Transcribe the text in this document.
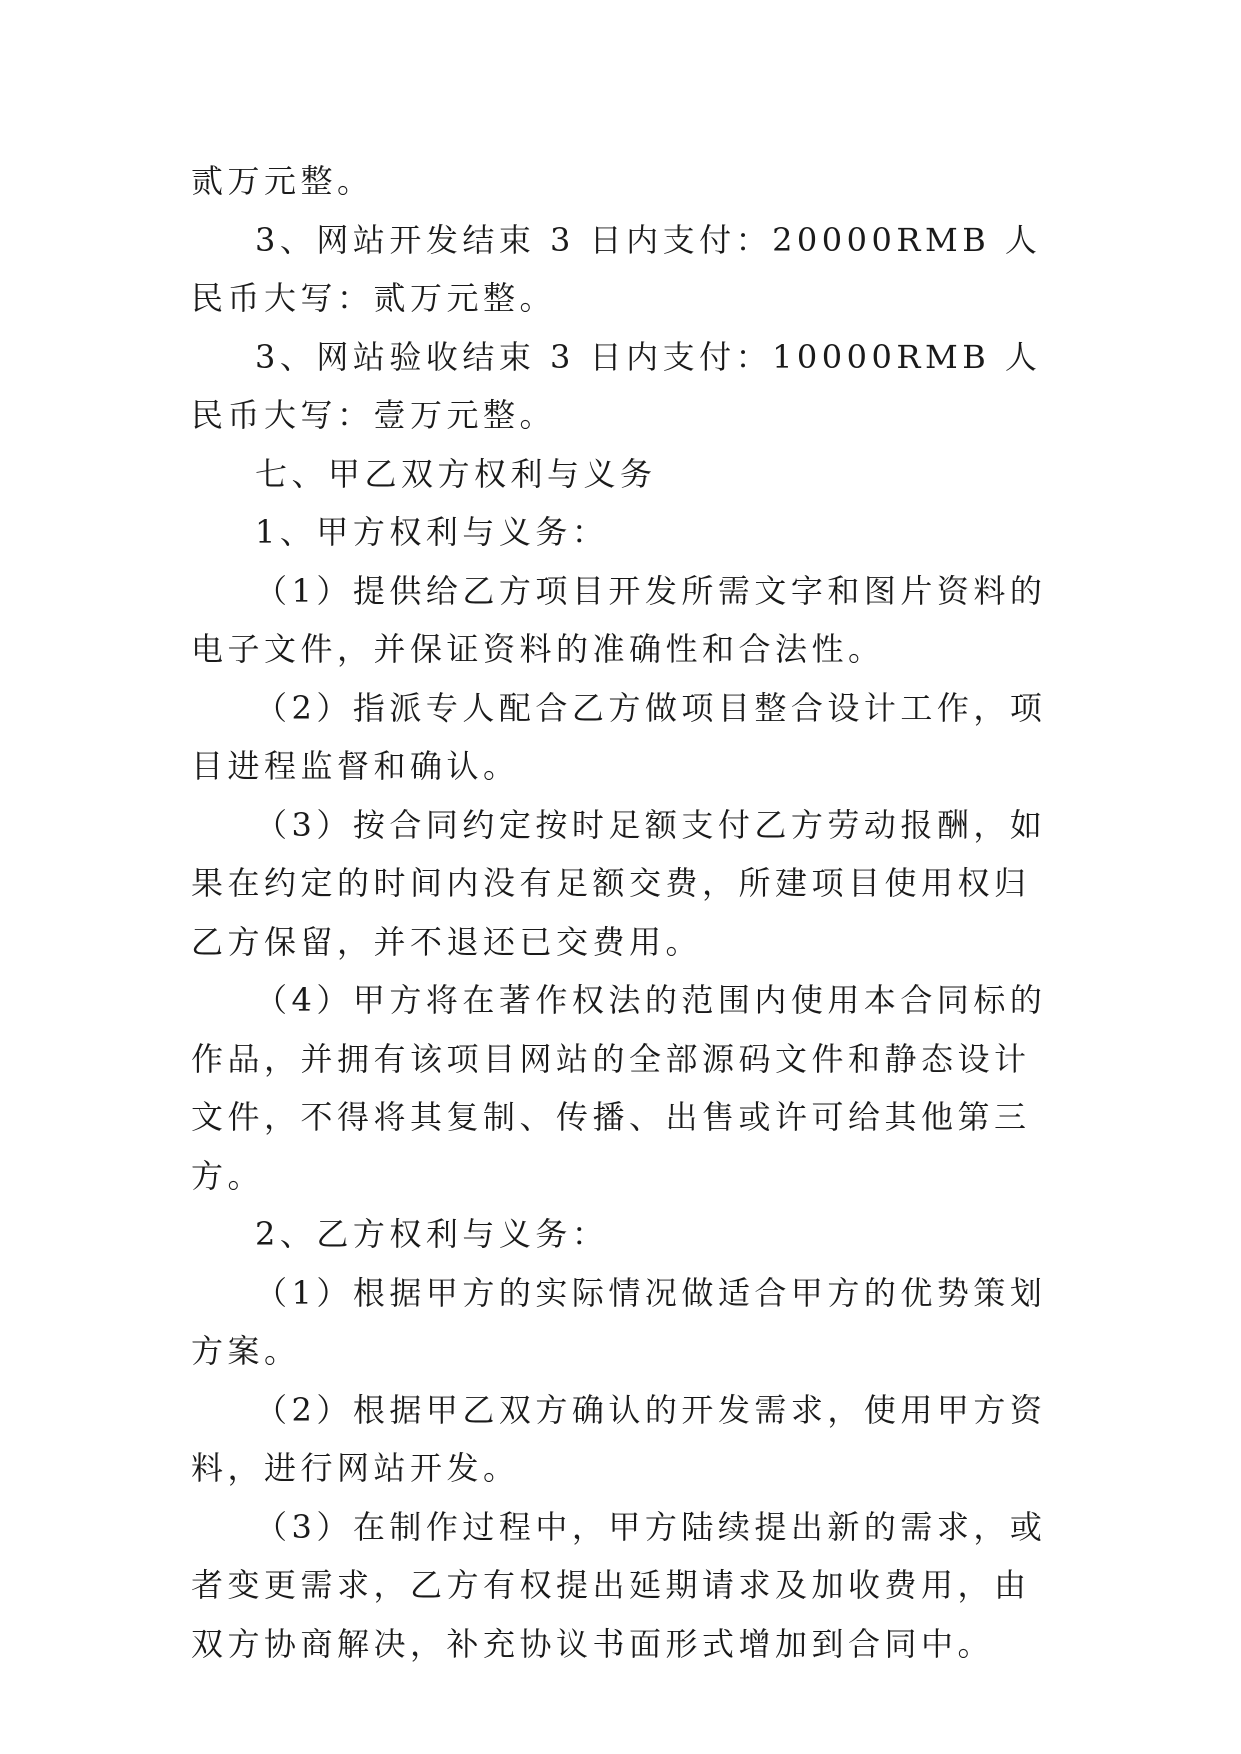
贰万元整。

3、网站开发结束 3 日内支付：20000RMB 人民币大写：贰万元整。

3、网站验收结束 3 日内支付：10000RMB 人民币大写：壹万元整。

七、甲乙双方权利与义务

1、甲方权利与义务：

（1）提供给乙方项目开发所需文字和图片资料的电子文件，并保证资料的准确性和合法性。

（2）指派专人配合乙方做项目整合设计工作，项目进程监督和确认。

（3）按合同约定按时足额支付乙方劳动报酬，如果在约定的时间内没有足额交费，所建项目使用权归乙方保留，并不退还已交费用。

（4）甲方将在著作权法的范围内使用本合同标的作品，并拥有该项目网站的全部源码文件和静态设计文件，不得将其复制、传播、出售或许可给其他第三方。

2、乙方权利与义务：

（1）根据甲方的实际情况做适合甲方的优势策划方案。

（2）根据甲乙双方确认的开发需求，使用甲方资料，进行网站开发。

（3）在制作过程中，甲方陆续提出新的需求，或者变更需求，乙方有权提出延期请求及加收费用，由双方协商解决，补充协议书面形式增加到合同中。
